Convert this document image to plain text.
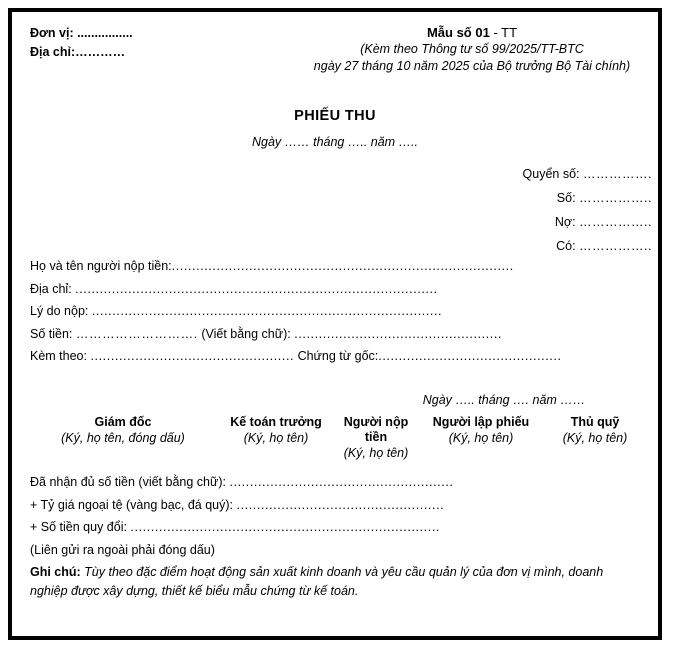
Đơn vị: ................
Địa chỉ:…………
Mẫu số 01 - TT
(Kèm theo Thông tư số 99/2025/TT-BTC
ngày 27 tháng 10 năm 2025 của Bộ trưởng Bộ Tài chính)
PHIẾU THU
Ngày …… tháng ….. năm …..
Quyển số: …………….
Số: ……………..
Nợ: ……………..
Có: ……………..
Họ và tên người nộp tiền:....................................................................................
Địa chỉ: .........................................................................................
Lý do nộp: ......................................................................................
Số tiền: ………………………. (Viết bằng chữ): ...................................................
Kèm theo: .................................................. Chứng từ gốc:.............................................
Ngày ….. tháng …. năm ……
Giám đốc
(Ký, họ tên, đóng dấu)
Kế toán trưởng
(Ký, họ tên)
Người nộp tiền
(Ký, họ tên)
Người lập phiếu
(Ký, họ tên)
Thủ quỹ
(Ký, họ tên)
Đã nhận đủ số tiền (viết bằng chữ): .......................................................
+ Tỷ giá ngoại tệ (vàng bạc, đá quý): ...................................................
+ Số tiền quy đổi: ............................................................................
(Liên gửi ra ngoài phải đóng dấu)
Ghi chú: Tùy theo đặc điểm hoạt động sản xuất kinh doanh và yêu cầu quản lý của đơn vị mình, doanh nghiệp được xây dựng, thiết kế biểu mẫu chứng từ kế toán.
